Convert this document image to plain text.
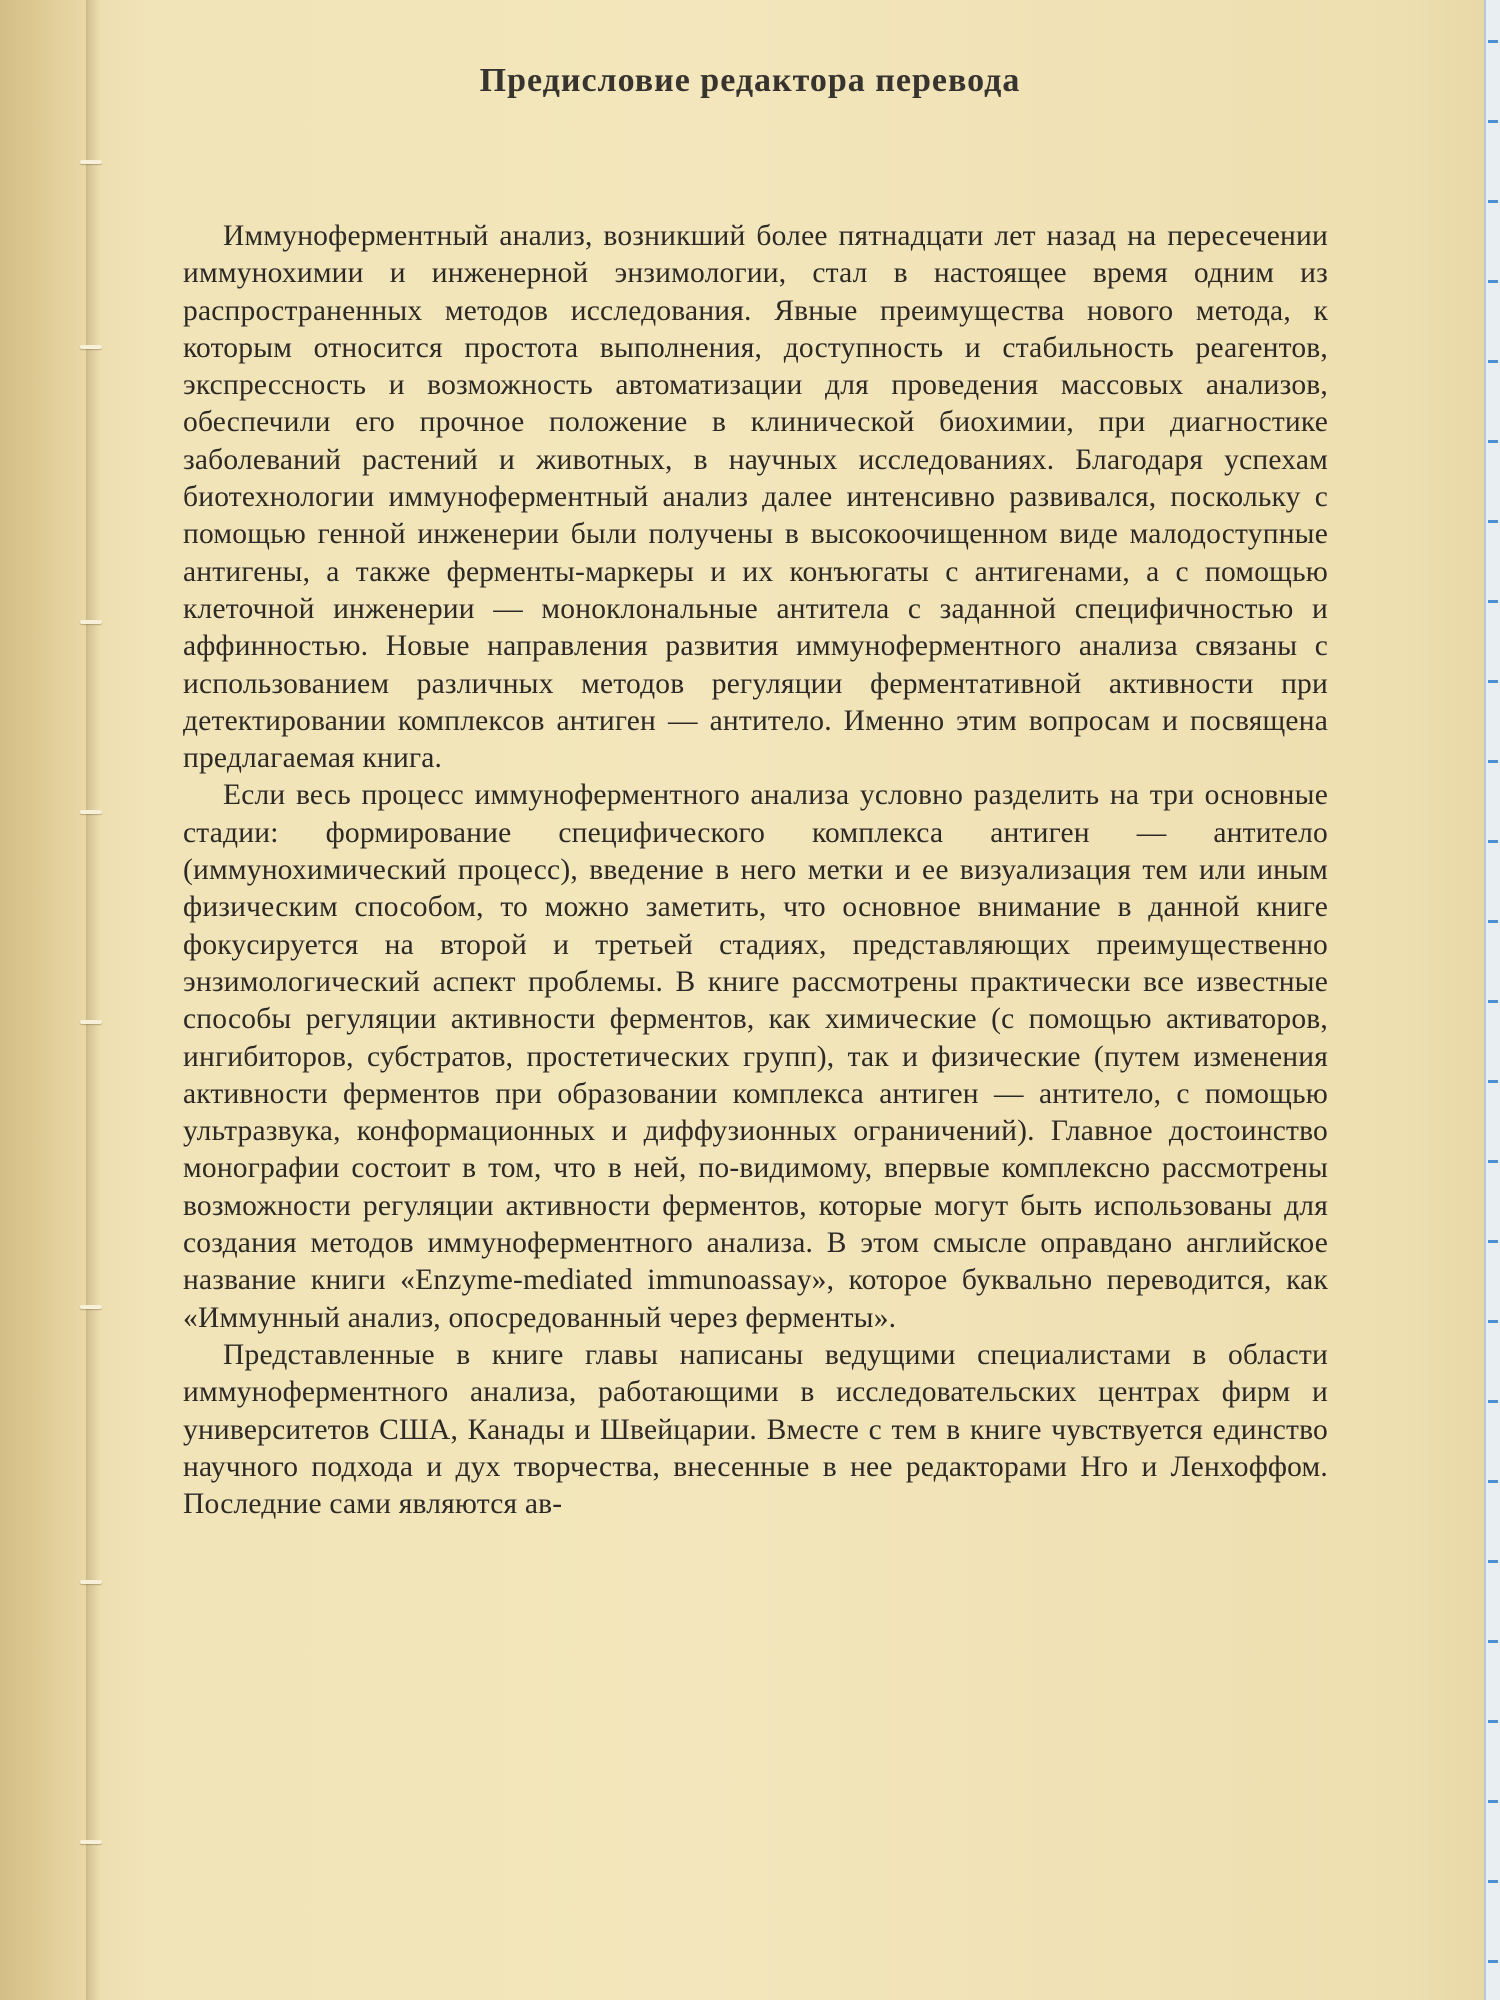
Предисловие редактора перевода

Иммуноферментный анализ, возникший более пятнадцати лет назад на пересечении иммунохимии и инженерной энзимологии, стал в настоящее время одним из распространенных методов исследования. Явные преимущества нового метода, к которым относится простота выполнения, доступность и стабильность реагентов, экспрессность и возможность автоматизации для проведения массовых анализов, обеспечили его прочное положение в клинической биохимии, при диагностике заболеваний растений и животных, в научных исследованиях. Благодаря успехам биотехнологии иммуноферментный анализ далее интенсивно развивался, поскольку с помощью генной инженерии были получены в высокоочищенном виде малодоступные антигены, а также ферменты-маркеры и их конъюгаты с антигенами, а с помощью клеточной инженерии — моноклональные антитела с заданной специфичностью и аффинностью. Новые направления развития иммуноферментного анализа связаны с использованием различных методов регуляции ферментативной активности при детектировании комплексов антиген — антитело. Именно этим вопросам и посвящена предлагаемая книга.

Если весь процесс иммуноферментного анализа условно разделить на три основные стадии: формирование специфического комплекса антиген — антитело (иммунохимический процесс), введение в него метки и ее визуализация тем или иным физическим способом, то можно заметить, что основное внимание в данной книге фокусируется на второй и третьей стадиях, представляющих преимущественно энзимологический аспект проблемы. В книге рассмотрены практически все известные способы регуляции активности ферментов, как химические (с помощью активаторов, ингибиторов, субстратов, простетических групп), так и физические (путем изменения активности ферментов при образовании комплекса антиген — антитело, с помощью ультразвука, конформационных и диффузионных ограничений). Главное достоинство монографии состоит в том, что в ней, по-видимому, впервые комплексно рассмотрены возможности регуляции активности ферментов, которые могут быть использованы для создания методов иммуноферментного анализа. В этом смысле оправдано английское название книги «Enzyme-mediated immunoassay», которое буквально переводится, как «Иммунный анализ, опосредованный через ферменты».

Представленные в книге главы написаны ведущими специалистами в области иммуноферментного анализа, работающими в исследовательских центрах фирм и университетов США, Канады и Швейцарии. Вместе с тем в книге чувствуется единство научного подхода и дух творчества, внесенные в нее редакторами Нго и Ленхоффом. Последние сами являются ав-
